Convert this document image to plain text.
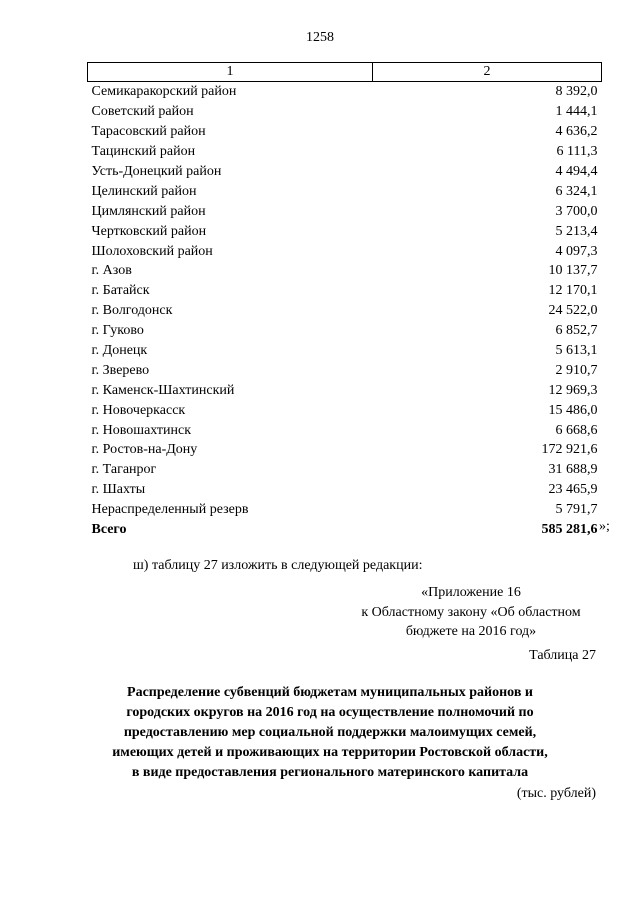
1258
1	2
Семикаракорский район	8 392,0
Советский район	1 444,1
Тарасовский район	4 636,2
Тацинский район	6 111,3
Усть-Донецкий район	4 494,4
Целинский район	6 324,1
Цимлянский район	3 700,0
Чертковский район	5 213,4
Шолоховский район	4 097,3
г. Азов	10 137,7
г. Батайск	12 170,1
г. Волгодонск	24 522,0
г. Гуково	6 852,7
г. Донецк	5 613,1
г. Зверево	2 910,7
г. Каменск-Шахтинский	12 969,3
г. Новочеркасск	15 486,0
г. Новошахтинск	6 668,6
г. Ростов-на-Дону	172 921,6
г. Таганрог	31 688,9
г. Шахты	23 465,9
Нераспределенный резерв	5 791,7
Всего	585 281,6 »;
ш) таблицу 27 изложить в следующей редакции:
«Приложение 16
к Областному закону «Об областном
бюджете на 2016 год»
Таблица 27
Распределение субвенций бюджетам муниципальных районов и
городских округов на 2016 год на осуществление полномочий по
предоставлению мер социальной поддержки малоимущих семей,
имеющих детей и проживающих на территории Ростовской области,
в виде предоставления регионального материнского капитала
(тыс. рублей)
